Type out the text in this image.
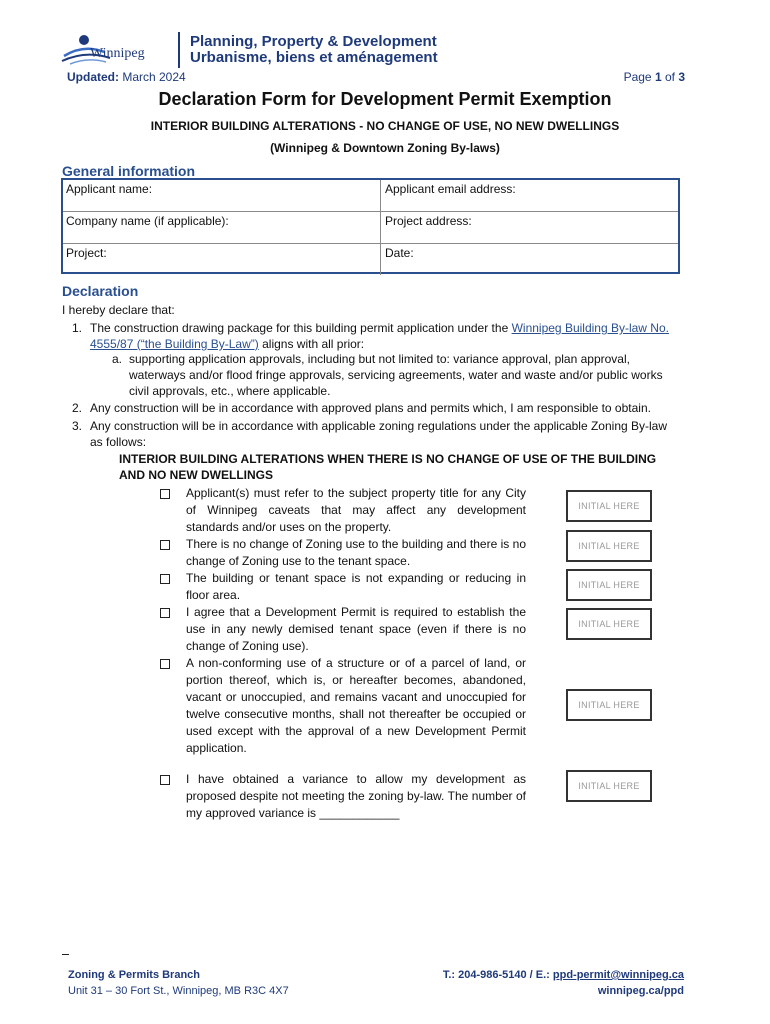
Winnipeg
Planning, Property & Development
Urbanisme, biens et aménagement
Updated: March 2024	Page 1 of 3
Declaration Form for Development Permit Exemption
INTERIOR BUILDING ALTERATIONS - NO CHANGE OF USE, NO NEW DWELLINGS
(Winnipeg & Downtown Zoning By-laws)
General information
Applicant name:	Applicant email address:
Company name (if applicable):	Project address:
Project:	Date:
Declaration
I hereby declare that:
1. The construction drawing package for this building permit application under the Winnipeg Building By-law No.
4555/87 (“the Building By-Law”) aligns with all prior:
a. supporting application approvals, including but not limited to: variance approval, plan approval,
waterways and/or flood fringe approvals, servicing agreements, water and waste and/or public works
civil approvals, etc., where applicable.
2. Any construction will be in accordance with approved plans and permits which, I am responsible to obtain.
3. Any construction will be in accordance with applicable zoning regulations under the applicable Zoning By-law
as follows:
INTERIOR BUILDING ALTERATIONS WHEN THERE IS NO CHANGE OF USE OF THE BUILDING
AND NO NEW DWELLINGS
Applicant(s) must refer to the subject property title for any City of Winnipeg caveats that may affect any development standards and/or uses on the property.
INITIAL HERE
There is no change of Zoning use to the building and there is no change of Zoning use to the tenant space.
INITIAL HERE
The building or tenant space is not expanding or reducing in floor area.
INITIAL HERE
I agree that a Development Permit is required to establish the use in any newly demised tenant space (even if there is no change of Zoning use).
INITIAL HERE
A non-conforming use of a structure or of a parcel of land, or portion thereof, which is, or hereafter becomes, abandoned, vacant or unoccupied, and remains vacant and unoccupied for twelve consecutive months, shall not thereafter be occupied or used except with the approval of a new Development Permit application.
INITIAL HERE
I have obtained a variance to allow my development as proposed despite not meeting the zoning by-law. The number of my approved variance is ____________
INITIAL HERE
Zoning & Permits Branch
Unit 31 – 30 Fort St., Winnipeg, MB R3C 4X7
T.: 204-986-5140 / E.: ppd-permit@winnipeg.ca
winnipeg.ca/ppd
